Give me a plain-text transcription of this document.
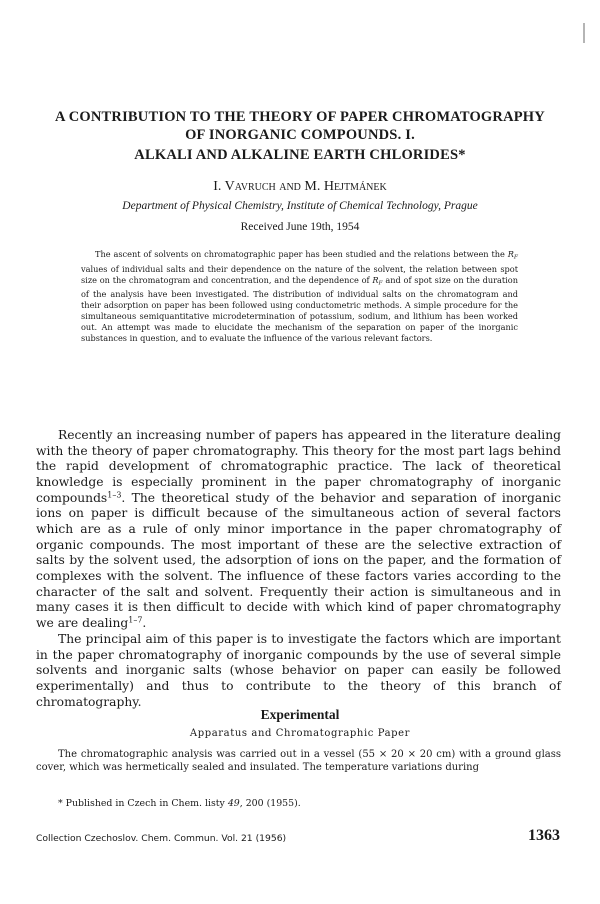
A CONTRIBUTION TO THE THEORY OF PAPER CHROMATOGRAPHY
OF INORGANIC COMPOUNDS. I.
ALKALI AND ALKALINE EARTH CHLORIDES*
I. Vavruch and M. Hejtmánek
Department of Physical Chemistry, Institute of Chemical Technology, Prague
Received June 19th, 1954
The ascent of solvents on chromatographic paper has been studied and the relations between the $R_F$ values of individual salts and their dependence on the nature of the solvent, the relation between spot size on the chromatogram and concentration, and the dependence of $R_F$ and of spot size on the duration of the analysis have been investigated. The distribution of individual salts on the chromatogram and their adsorption on paper has been followed using conductometric methods. A simple procedure for the simultaneous semiquantitative microdetermination of potassium, sodium, and lithium has been worked out. An attempt was made to elucidate the mechanism of the separation on paper of the inorganic substances in question, and to evaluate the influence of the various relevant factors.

Recently an increasing number of papers has appeared in the literature dealing with the theory of paper chromatography. This theory for the most part lags behind the rapid development of chromatographic practice. The lack of theoretical knowledge is especially prominent in the paper chromatography of inorganic compounds$^{1-3}$. The theoretical study of the behavior and separation of inorganic ions on paper is difficult because of the simultaneous action of several factors which are as a rule of only minor importance in the paper chromatography of organic compounds. The most important of these are the selective extraction of salts by the solvent used, the adsorption of ions on the paper, and the formation of complexes with the solvent. The influence of these factors varies according to the character of the salt and solvent. Frequently their action is simultaneous and in many cases it is then difficult to decide with which kind of paper chromatography we are dealing$^{1-7}$.

The principal aim of this paper is to investigate the factors which are important in the paper chromatography of inorganic compounds by the use of several simple solvents and inorganic salts (whose behavior on paper can easily be followed experimentally) and thus to contribute to the theory of this branch of chromatography.

Experimental
Apparatus and Chromatographic Paper

The chromatographic analysis was carried out in a vessel (55 × 20 × 20 cm) with a ground glass cover, which was hermetically sealed and insulated. The temperature variations during

* Published in Czech in Chem. listy 49, 200 (1955).
Collection Czechoslov. Chem. Commun. Vol. 21 (1956)	1363
